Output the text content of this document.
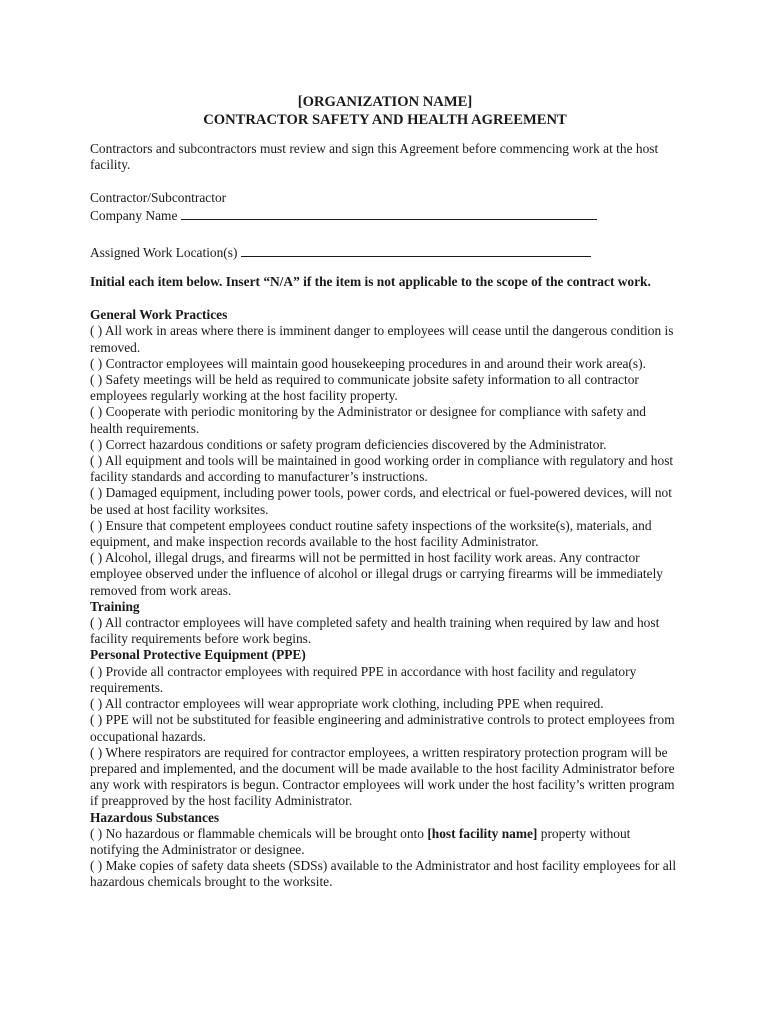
[ORGANIZATION NAME]

CONTRACTOR SAFETY AND HEALTH AGREEMENT

Contractors and subcontractors must review and sign this Agreement before commencing work at the host facility.

Contractor/Subcontractor

Company Name

Assigned Work Location(s)

Initial each item below. Insert “N/A” if the item is not applicable to the scope of the contract work.

General Work Practices

( ) All work in areas where there is imminent danger to employees will cease until the dangerous condition is removed.

( ) Contractor employees will maintain good housekeeping procedures in and around their work area(s).

( ) Safety meetings will be held as required to communicate jobsite safety information to all contractor employees regularly working at the host facility property.

( ) Cooperate with periodic monitoring by the Administrator or designee for compliance with safety and health requirements.

( ) Correct hazardous conditions or safety program deficiencies discovered by the Administrator.

( ) All equipment and tools will be maintained in good working order in compliance with regulatory and host facility standards and according to manufacturer’s instructions.

( ) Damaged equipment, including power tools, power cords, and electrical or fuel-powered devices, will not be used at host facility worksites.

( ) Ensure that competent employees conduct routine safety inspections of the worksite(s), materials, and equipment, and make inspection records available to the host facility Administrator.

( ) Alcohol, illegal drugs, and firearms will not be permitted in host facility work areas. Any contractor employee observed under the influence of alcohol or illegal drugs or carrying firearms will be immediately removed from work areas.

Training

( ) All contractor employees will have completed safety and health training when required by law and host facility requirements before work begins.

Personal Protective Equipment (PPE)

( ) Provide all contractor employees with required PPE in accordance with host facility and regulatory requirements.

( ) All contractor employees will wear appropriate work clothing, including PPE when required.

( ) PPE will not be substituted for feasible engineering and administrative controls to protect employees from occupational hazards.

( ) Where respirators are required for contractor employees, a written respiratory protection program will be prepared and implemented, and the document will be made available to the host facility Administrator before any work with respirators is begun. Contractor employees will work under the host facility’s written program if preapproved by the host facility Administrator.

Hazardous Substances

( ) No hazardous or flammable chemicals will be brought onto [host facility name] property without notifying the Administrator or designee.

( ) Make copies of safety data sheets (SDSs) available to the Administrator and host facility employees for all hazardous chemicals brought to the worksite.
